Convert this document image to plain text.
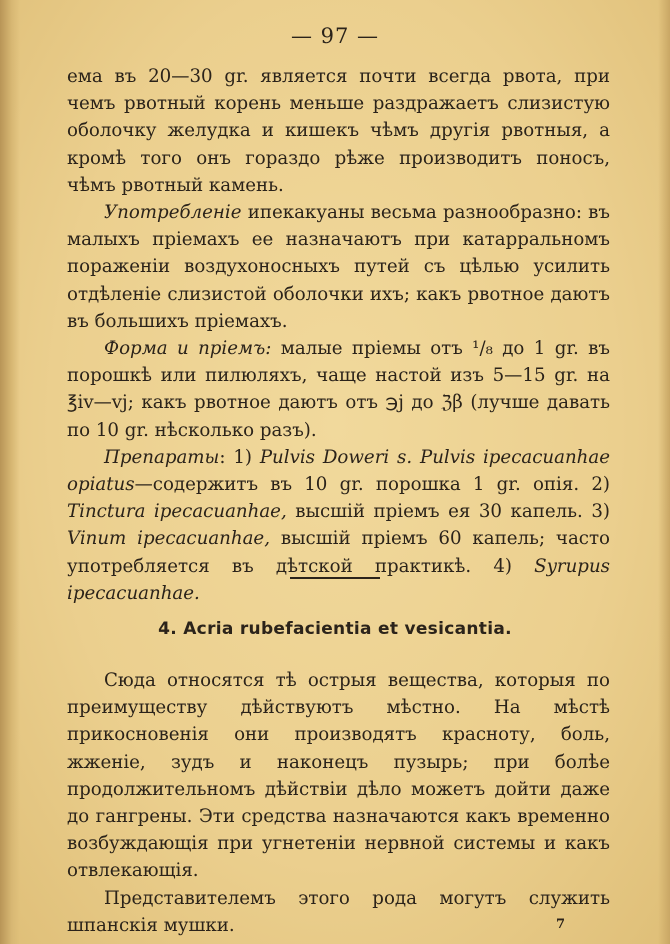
— 97 —

ема въ 20—30 gr. является почти всегда рвота, при чемъ рвотный корень меньше раздражаетъ слизистую оболочку желудка и кишекъ чѣмъ другія рвотныя, а кромѣ того онъ гораздо рѣже производитъ поносъ, чѣмъ рвотный камень.

Употребленіе ипекакуаны весьма разнообразно: въ малыхъ пріемахъ ее назначаютъ при катарральномъ пораженіи воздухоносныхъ путей съ цѣлью усилить отдѣленіе слизистой оболочки ихъ; какъ рвотное даютъ въ большихъ пріемахъ.

Форма и пріемъ: малые пріемы отъ ¹/₈ до 1 gr. въ порошкѣ или пилюляхъ, чаще настой изъ 5—15 gr. на ℥iv—vj; какъ рвотное даютъ отъ ℈j до ℨβ (лучше давать по 10 gr. нѣсколько разъ).

Препараты: 1) Pulvis Doweri s. Pulvis ipecacuanhae opiatus—содержитъ въ 10 gr. порошка 1 gr. опія. 2) Tinctura ipecacuanhae, высшій пріемъ ея 30 капель. 3) Vinum ipecacuanhae, высшій пріемъ 60 капель; часто употребляется въ дѣтской практикѣ. 4) Syrupus ipecacuanhae.

4. Acria rubefacientia et vesicantia.

Сюда относятся тѣ острыя вещества, которыя по преимуществу дѣйствуютъ мѣстно. На мѣстѣ прикосновенія они производятъ красноту, боль, жженіе, зудъ и наконецъ пузырь; при болѣе продолжительномъ дѣйствіи дѣло можетъ дойти даже до гангрены. Эти средства назначаются какъ временно возбуждающія при угнетеніи нервной системы и какъ отвлекающія.

Представителемъ этого рода могутъ служить шпанскія мушки.	7
